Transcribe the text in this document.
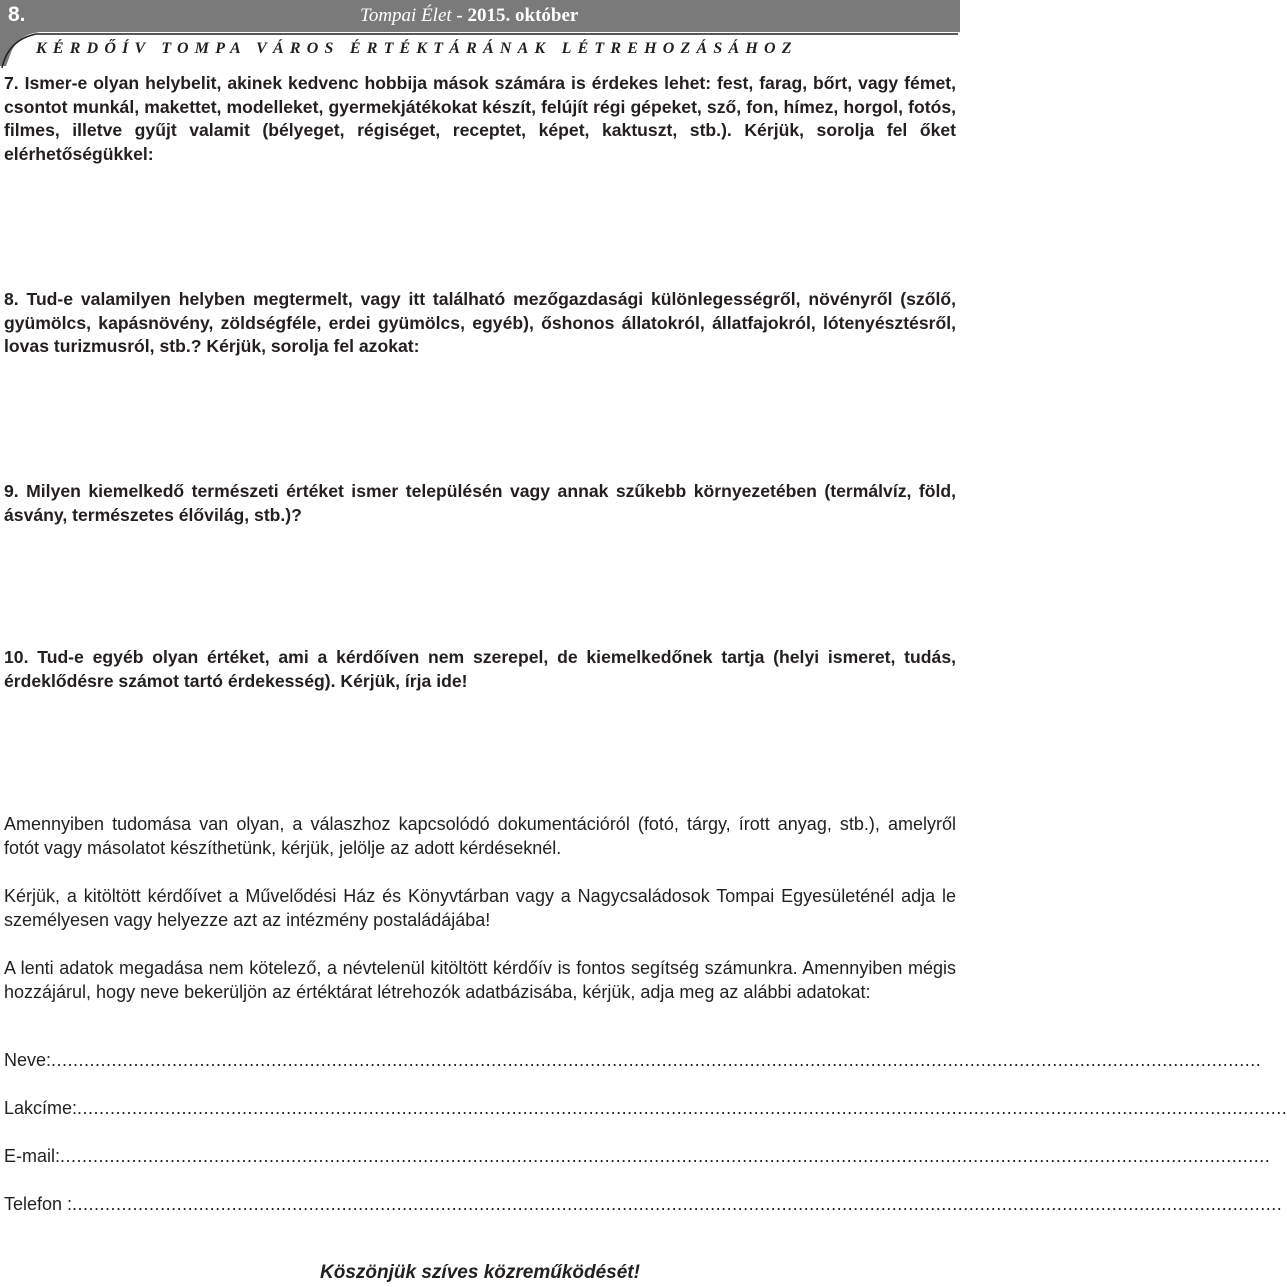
8.	Tompai Élet - 2015. október
KÉRDŐÍV TOMPA VÁROS ÉRTÉKTÁRÁNAK LÉTREHOZÁSÁHOZ

7. Ismer-e olyan helybelit, akinek kedvenc hobbija mások számára is érdekes lehet: fest, farag, bőrt, vagy fémet, csontot munkál, makettet, modelleket, gyermekjátékokat készít, felújít régi gépeket, sző, fon, hímez, horgol, fotós, filmes, illetve gyűjt valamit (bélyeget, régiséget, receptet, képet, kaktuszt, stb.). Kérjük, sorolja fel őket elérhetőségükkel:

8. Tud-e valamilyen helyben megtermelt, vagy itt található mezőgazdasági különlegességről, növényről (szőlő, gyümölcs, kapásnövény, zöldségféle, erdei gyümölcs, egyéb), őshonos állatokról, állatfajokról, lótenyésztésről, lovas turizmusról, stb.? Kérjük, sorolja fel azokat:

9. Milyen kiemelkedő természeti értéket ismer településén vagy annak szűkebb környezetében (termálvíz, föld, ásvány, természetes élővilág, stb.)?

10. Tud-e egyéb olyan értéket, ami a kérdőíven nem szerepel, de kiemelkedőnek tartja (helyi ismeret, tudás, érdeklődésre számot tartó érdekesség). Kérjük, írja ide!

Amennyiben tudomása van olyan, a válaszhoz kapcsolódó dokumentációról (fotó, tárgy, írott anyag, stb.), amelyről fotót vagy másolatot készíthetünk, kérjük, jelölje az adott kérdéseknél.

Kérjük, a kitöltött kérdőívet a Művelődési Ház és Könyvtárban vagy a Nagycsaládosok Tompai Egyesületénél adja le személyesen vagy helyezze azt az intézmény postaládájába!

A lenti adatok megadása nem kötelező, a névtelenül kitöltött kérdőív is fontos segítség számunkra. Amennyiben mégis hozzájárul, hogy neve bekerüljön az értéktárat létrehozók adatbázisába, kérjük, adja meg az alábbi adatokat:

Neve:............................................................................................................................................................................................................................
Lakcíme:............................................................................................................................................................................................................................
E-mail:............................................................................................................................................................................................................................
Telefon :............................................................................................................................................................................................................................
Köszönjük szíves közreműködését!
